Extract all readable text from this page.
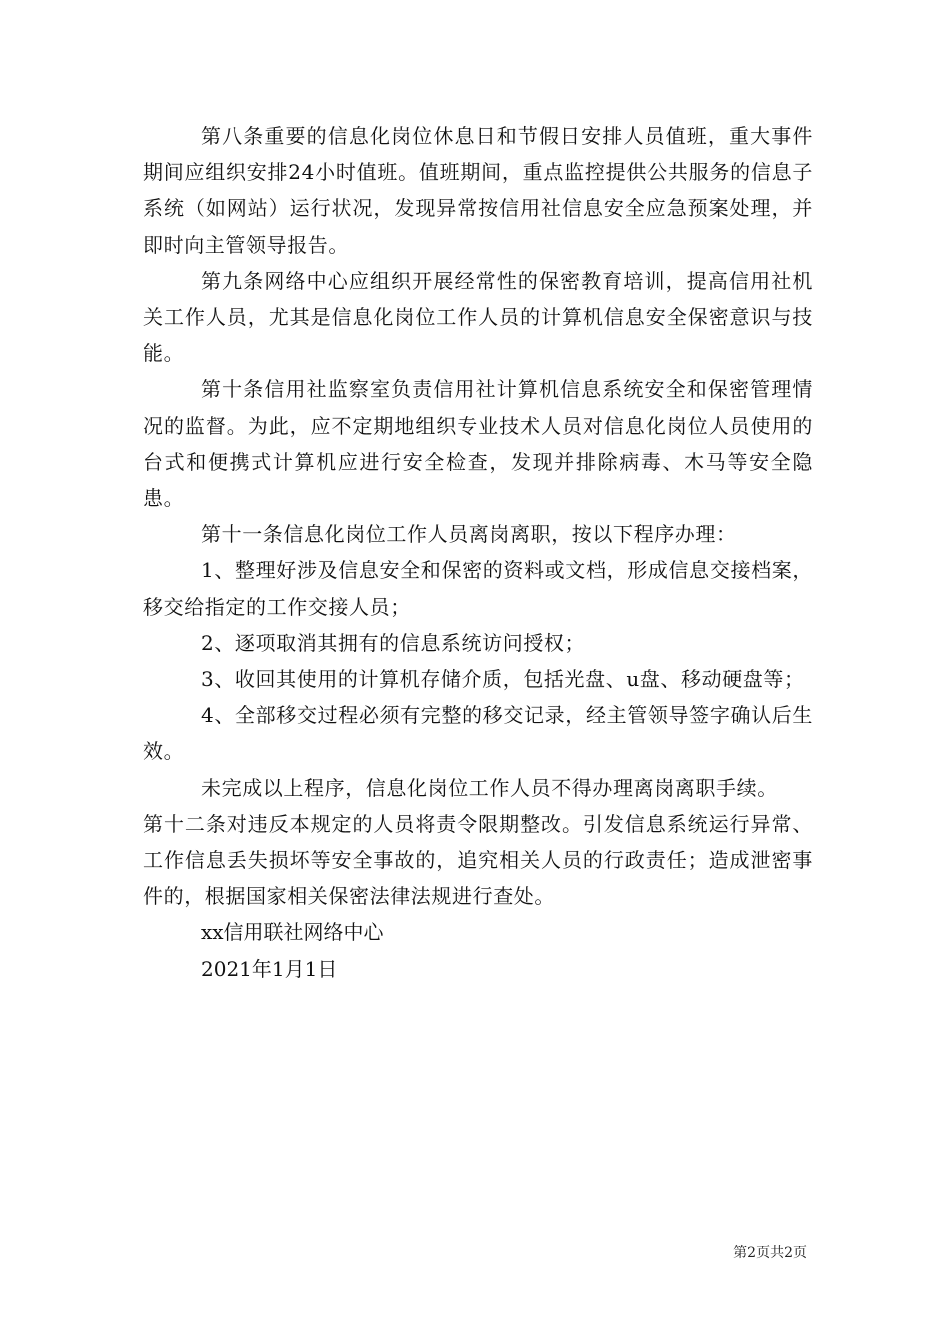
第八条重要的信息化岗位休息日和节假日安排人员值班，重大事件期间应组织安排24小时值班。值班期间，重点监控提供公共服务的信息子系统（如网站）运行状况，发现异常按信用社信息安全应急预案处理，并即时向主管领导报告。

第九条网络中心应组织开展经常性的保密教育培训，提高信用社机关工作人员，尤其是信息化岗位工作人员的计算机信息安全保密意识与技能。

第十条信用社监察室负责信用社计算机信息系统安全和保密管理情况的监督。为此，应不定期地组织专业技术人员对信息化岗位人员使用的台式和便携式计算机应进行安全检查，发现并排除病毒、木马等安全隐患。

第十一条信息化岗位工作人员离岗离职，按以下程序办理：

1、整理好涉及信息安全和保密的资料或文档，形成信息交接档案，移交给指定的工作交接人员；

2、逐项取消其拥有的信息系统访问授权；

3、收回其使用的计算机存储介质，包括光盘、u盘、移动硬盘等；

4、全部移交过程必须有完整的移交记录，经主管领导签字确认后生效。

未完成以上程序，信息化岗位工作人员不得办理离岗离职手续。

第十二条对违反本规定的人员将责令限期整改。引发信息系统运行异常、工作信息丢失损坏等安全事故的，追究相关人员的行政责任；造成泄密事件的，根据国家相关保密法律法规进行查处。

xx信用联社网络中心

2021年1月1日

第2页共2页
